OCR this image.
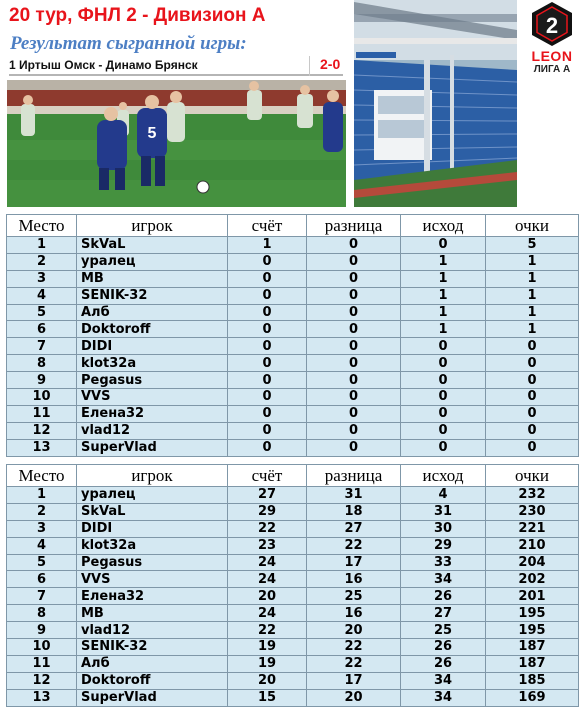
20 тур, ФНЛ 2 - Дивизион А
Результат сыгранной игры:
1 Иртыш Омск - Динамо Брянск	2-0
2
LEON
ЛИГА А
5
Место	игрок	счёт	разница	исход	очки
1	SkVaL	1	0	0	5
2	уралец	0	0	1	1
3	MB	0	0	1	1
4	SENIK-32	0	0	1	1
5	Алб	0	0	1	1
6	Doktoroff	0	0	1	1
7	DIDI	0	0	0	0
8	klot32a	0	0	0	0
9	Pegasus	0	0	0	0
10	VVS	0	0	0	0
11	Елена32	0	0	0	0
12	vlad12	0	0	0	0
13	SuperVlad	0	0	0	0
Место	игрок	счёт	разница	исход	очки
1	уралец	27	31	4	232
2	SkVaL	29	18	31	230
3	DIDI	22	27	30	221
4	klot32a	23	22	29	210
5	Pegasus	24	17	33	204
6	VVS	24	16	34	202
7	Елена32	20	25	26	201
8	MB	24	16	27	195
9	vlad12	22	20	25	195
10	SENIK-32	19	22	26	187
11	Алб	19	22	26	187
12	Doktoroff	20	17	34	185
13	SuperVlad	15	20	34	169
